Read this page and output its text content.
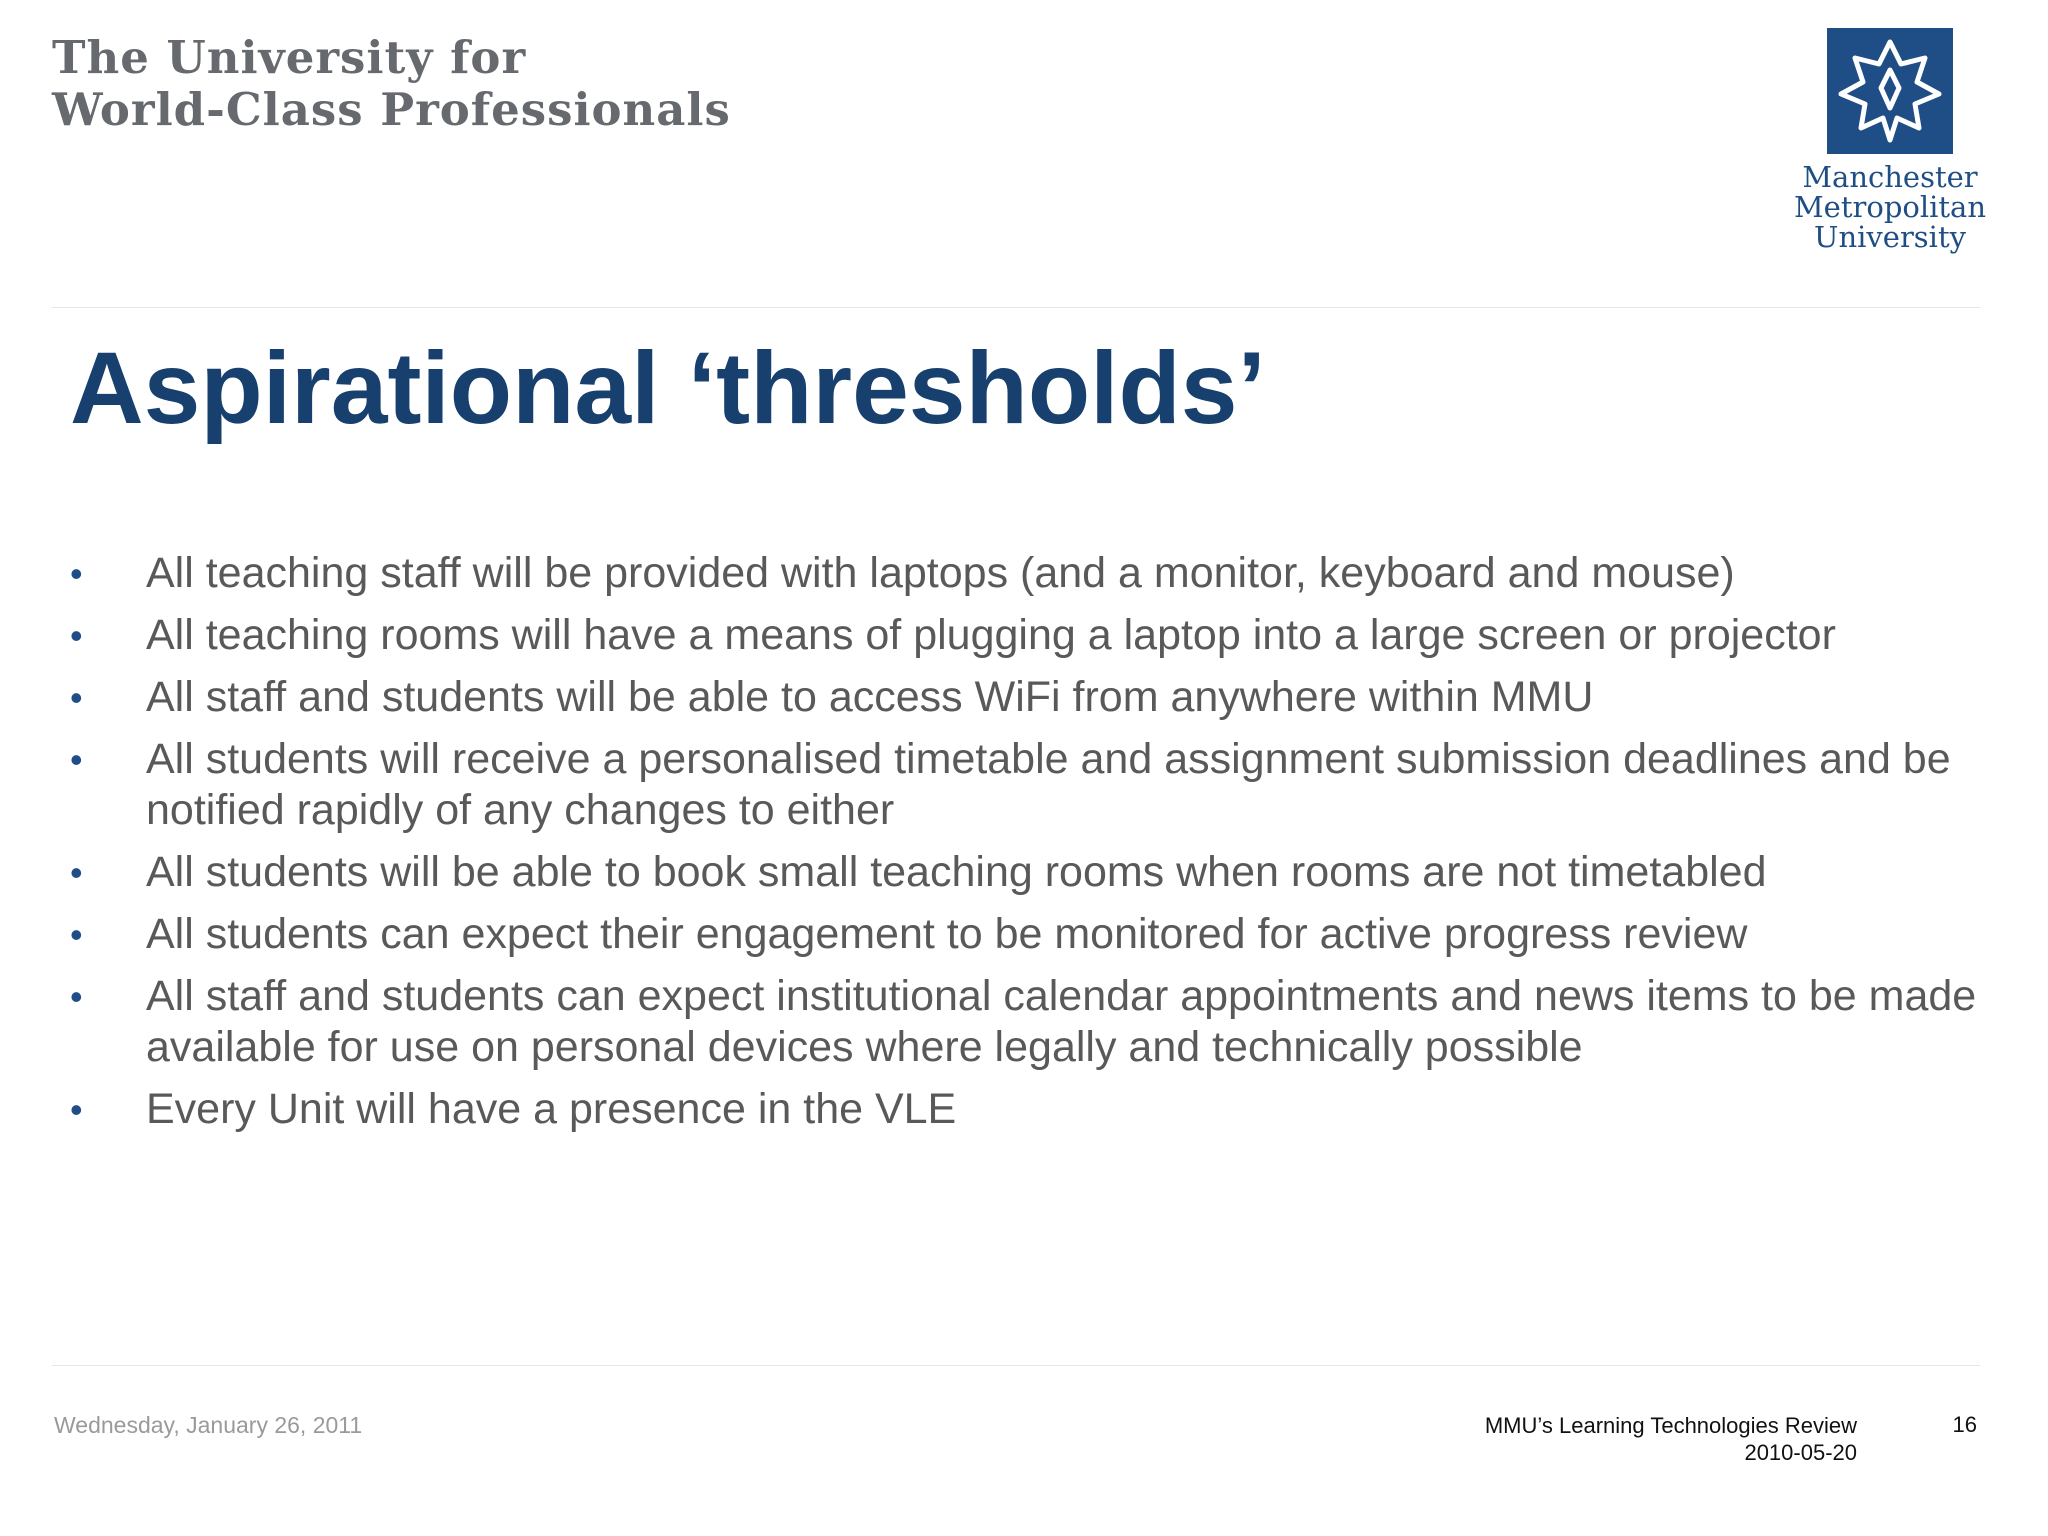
The University for
World-Class Professionals
Manchester
Metropolitan
University
Aspirational ‘thresholds’
• All teaching staff will be provided with laptops (and a monitor, keyboard and mouse)
• All teaching rooms will have a means of plugging a laptop into a large screen or projector
• All staff and students will be able to access WiFi from anywhere within MMU
• All students will receive a personalised timetable and assignment submission deadlines and be notified rapidly of any changes to either
• All students will be able to book small teaching rooms when rooms are not timetabled
• All students can expect their engagement to be monitored for active progress review
• All staff and students can expect institutional calendar appointments and news items to be made available for use on personal devices where legally and technically possible
• Every Unit will have a presence in the VLE
Wednesday, January 26, 2011	MMU’s Learning Technologies Review
2010-05-20
16
